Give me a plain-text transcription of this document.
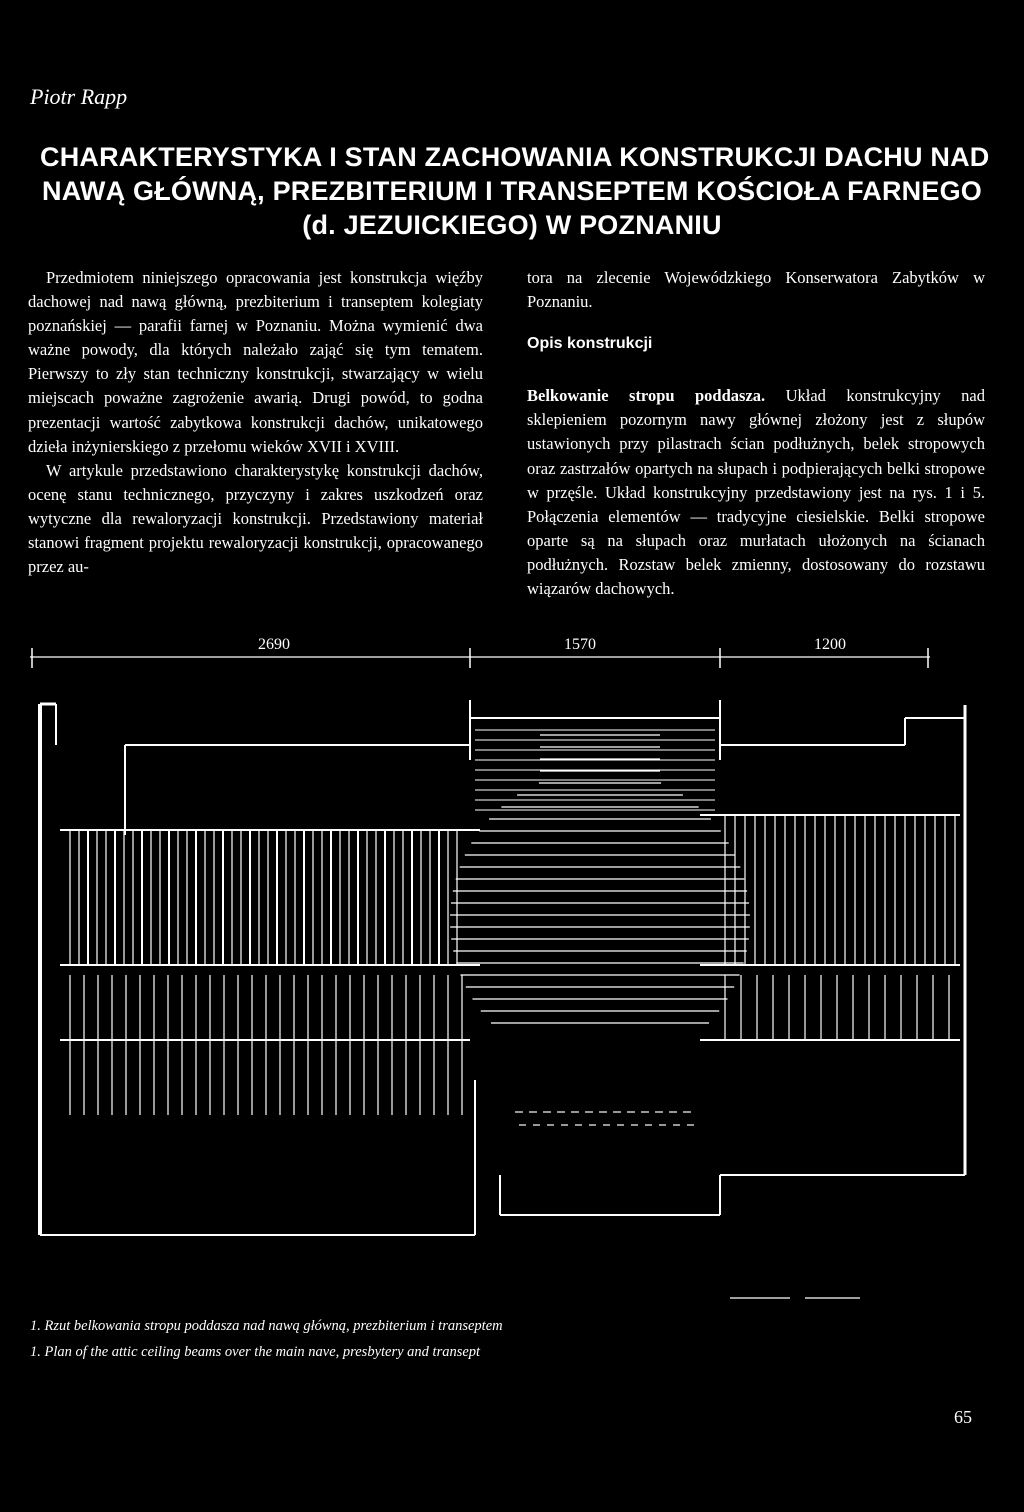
Piotr Rapp
CHARAKTERYSTYKA I STAN ZACHOWANIA KONSTRUKCJI DACHU NAD
NAWĄ GŁÓWNĄ, PREZBITERIUM I TRANSEPTEM KOŚCIOŁA FARNEGO
(d. JEZUICKIEGO) W POZNANIU

Przedmiotem niniejszego opracowania jest konstrukcja więźby dachowej nad nawą główną, prezbiterium i transeptem kolegiaty poznańskiej — parafii farnej w Poznaniu. Można wymienić dwa ważne powody, dla których należało zająć się tym tematem. Pierwszy to zły stan techniczny konstrukcji, stwarzający w wielu miejscach poważne zagrożenie awarią. Drugi powód, to godna prezentacji wartość zabytkowa konstrukcji dachów, unikatowego dzieła inżynierskiego z przełomu wieków XVII i XVIII.

W artykule przedstawiono charakterystykę konstrukcji dachów, ocenę stanu technicznego, przyczyny i zakres uszkodzeń oraz wytyczne dla rewaloryzacji konstrukcji. Przedstawiony materiał stanowi fragment projektu rewaloryzacji konstrukcji, opracowanego przez au-

tora na zlecenie Wojewódzkiego Konserwatora Zabytków w Poznaniu.

Opis konstrukcji

Belkowanie stropu poddasza. Układ konstrukcyjny nad sklepieniem pozornym nawy głównej złożony jest z słupów ustawionych przy pilastrach ścian podłużnych, belek stropowych oraz zastrzałów opartych na słupach i podpierających belki stropowe w przęśle. Układ konstrukcyjny przedstawiony jest na rys. 1 i 5. Połączenia elementów — tradycyjne ciesielskie. Belki stropowe oparte są na słupach oraz murłatach ułożonych na ścianach podłużnych. Rozstaw belek zmienny, dostosowany do rozstawu wiązarów dachowych.

2690	1570	1200
1. Rzut belkowania stropu poddasza nad nawą główną, prezbiterium i transeptem
1. Plan of the attic ceiling beams over the main nave, presbytery and transept
65
